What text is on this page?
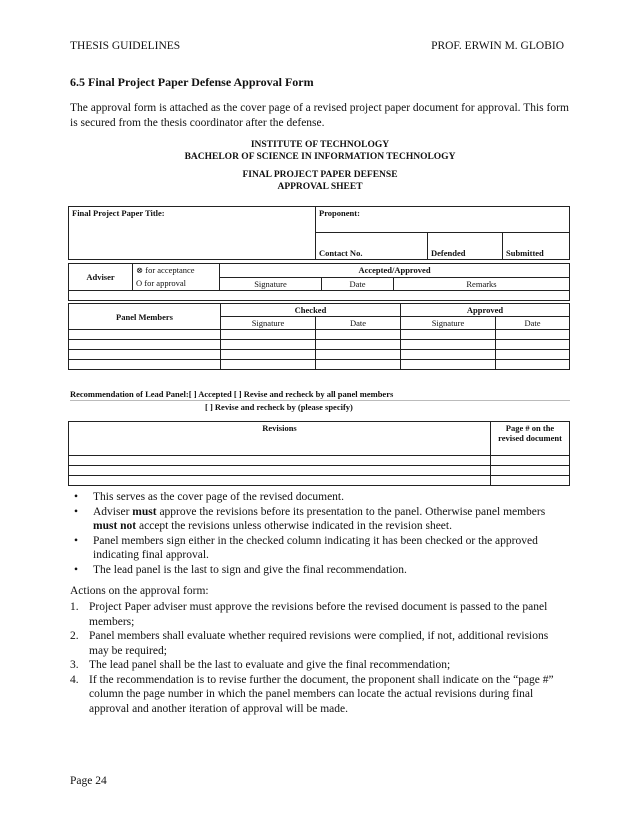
THESIS GUIDELINES	PROF. ERWIN M. GLOBIO
6.5 Final Project Paper Defense Approval Form
The approval form is attached as the cover page of a revised project paper document for approval. This form is secured from the thesis coordinator after the defense.
INSTITUTE OF TECHNOLOGY
BACHELOR OF SCIENCE IN INFORMATION TECHNOLOGY
FINAL PROJECT PAPER DEFENSE
APPROVAL SHEET
Final Project Paper Title:	Proponent:		
	Contact No.	Defended	Submitted
Adviser	⊗ for acceptance	Accepted/Approved		
	O for approval	Signature	Date	Remarks

Panel Members	Checked		Approved	
	Signature	Date	Signature	Date

Recommendation of Lead Panel:[ ] Accepted [ ] Revise and recheck by all panel members
[ ] Revise and recheck by (please specify)
Revisions	Page # on the revised document

• This serves as the cover page of the revised document.
• Adviser must approve the revisions before its presentation to the panel. Otherwise panel members must not accept the revisions unless otherwise indicated in the revision sheet.
• Panel members sign either in the checked column indicating it has been checked or the approved indicating final approval.
• The lead panel is the last to sign and give the final recommendation.
Actions on the approval form:
1. Project Paper adviser must approve the revisions before the revised document is passed to the panel members;
2. Panel members shall evaluate whether required revisions were complied, if not, additional revisions may be required;
3. The lead panel shall be the last to evaluate and give the final recommendation;
4. If the recommendation is to revise further the document, the proponent shall indicate on the “page #” column the page number in which the panel members can locate the actual revisions during final approval and another iteration of approval will be made.
Page 24
